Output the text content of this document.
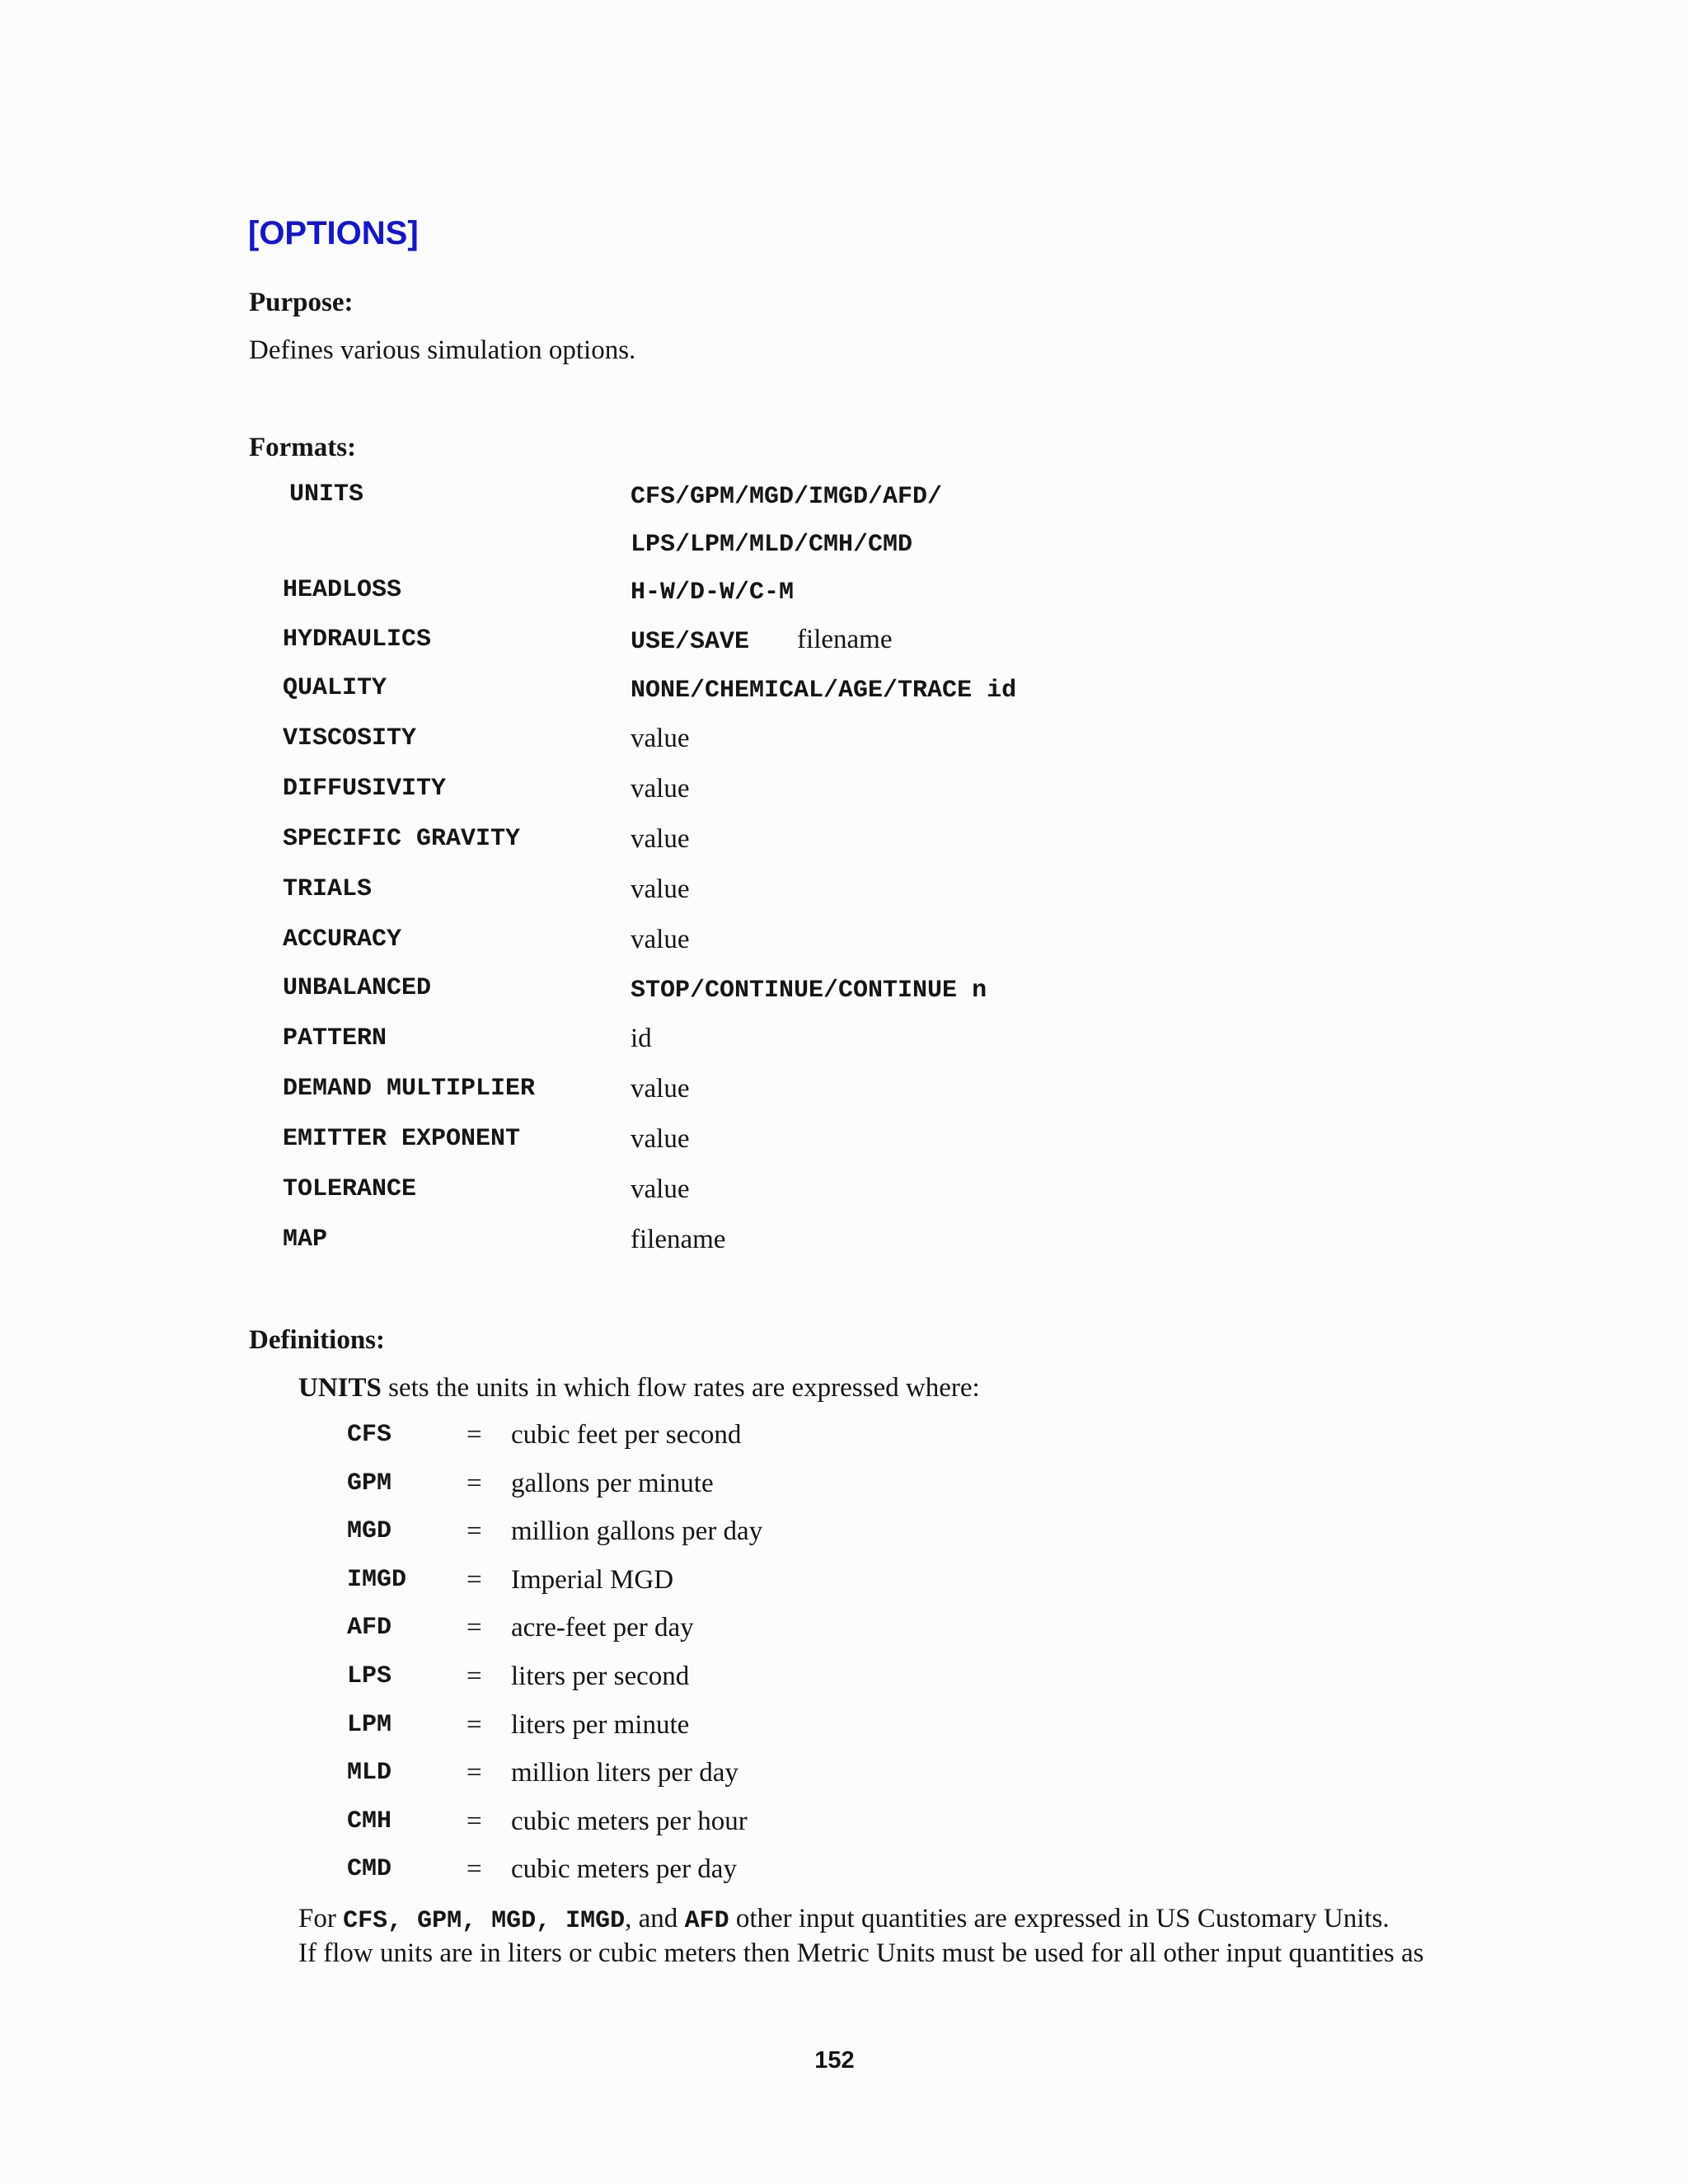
[OPTIONS]
Purpose:
Defines various simulation options.
Formats:
UNITS	CFS/GPM/MGD/IMGD/AFD/
LPS/LPM/MLD/CMH/CMD
HEADLOSS	H-W/D-W/C-M
HYDRAULICS	USE/SAVE filename
QUALITY	NONE/CHEMICAL/AGE/TRACE id
VISCOSITY	value
DIFFUSIVITY	value
SPECIFIC GRAVITY	value
TRIALS	value
ACCURACY	value
UNBALANCED	STOP/CONTINUE/CONTINUE n
PATTERN	id
DEMAND MULTIPLIER	value
EMITTER EXPONENT	value
TOLERANCE	value
MAP	filename
Definitions:
UNITS sets the units in which flow rates are expressed where:
CFS	= cubic feet per second
GPM	= gallons per minute
MGD	= million gallons per day
IMGD = Imperial MGD
AFD	= acre-feet per day
LPS	= liters per second
LPM	= liters per minute
MLD	= million liters per day
CMH	= cubic meters per hour
CMD	= cubic meters per day
For CFS, GPM, MGD, IMGD, and AFD other input quantities are expressed in US Customary Units.
If flow units are in liters or cubic meters then Metric Units must be used for all other input quantities as
152
